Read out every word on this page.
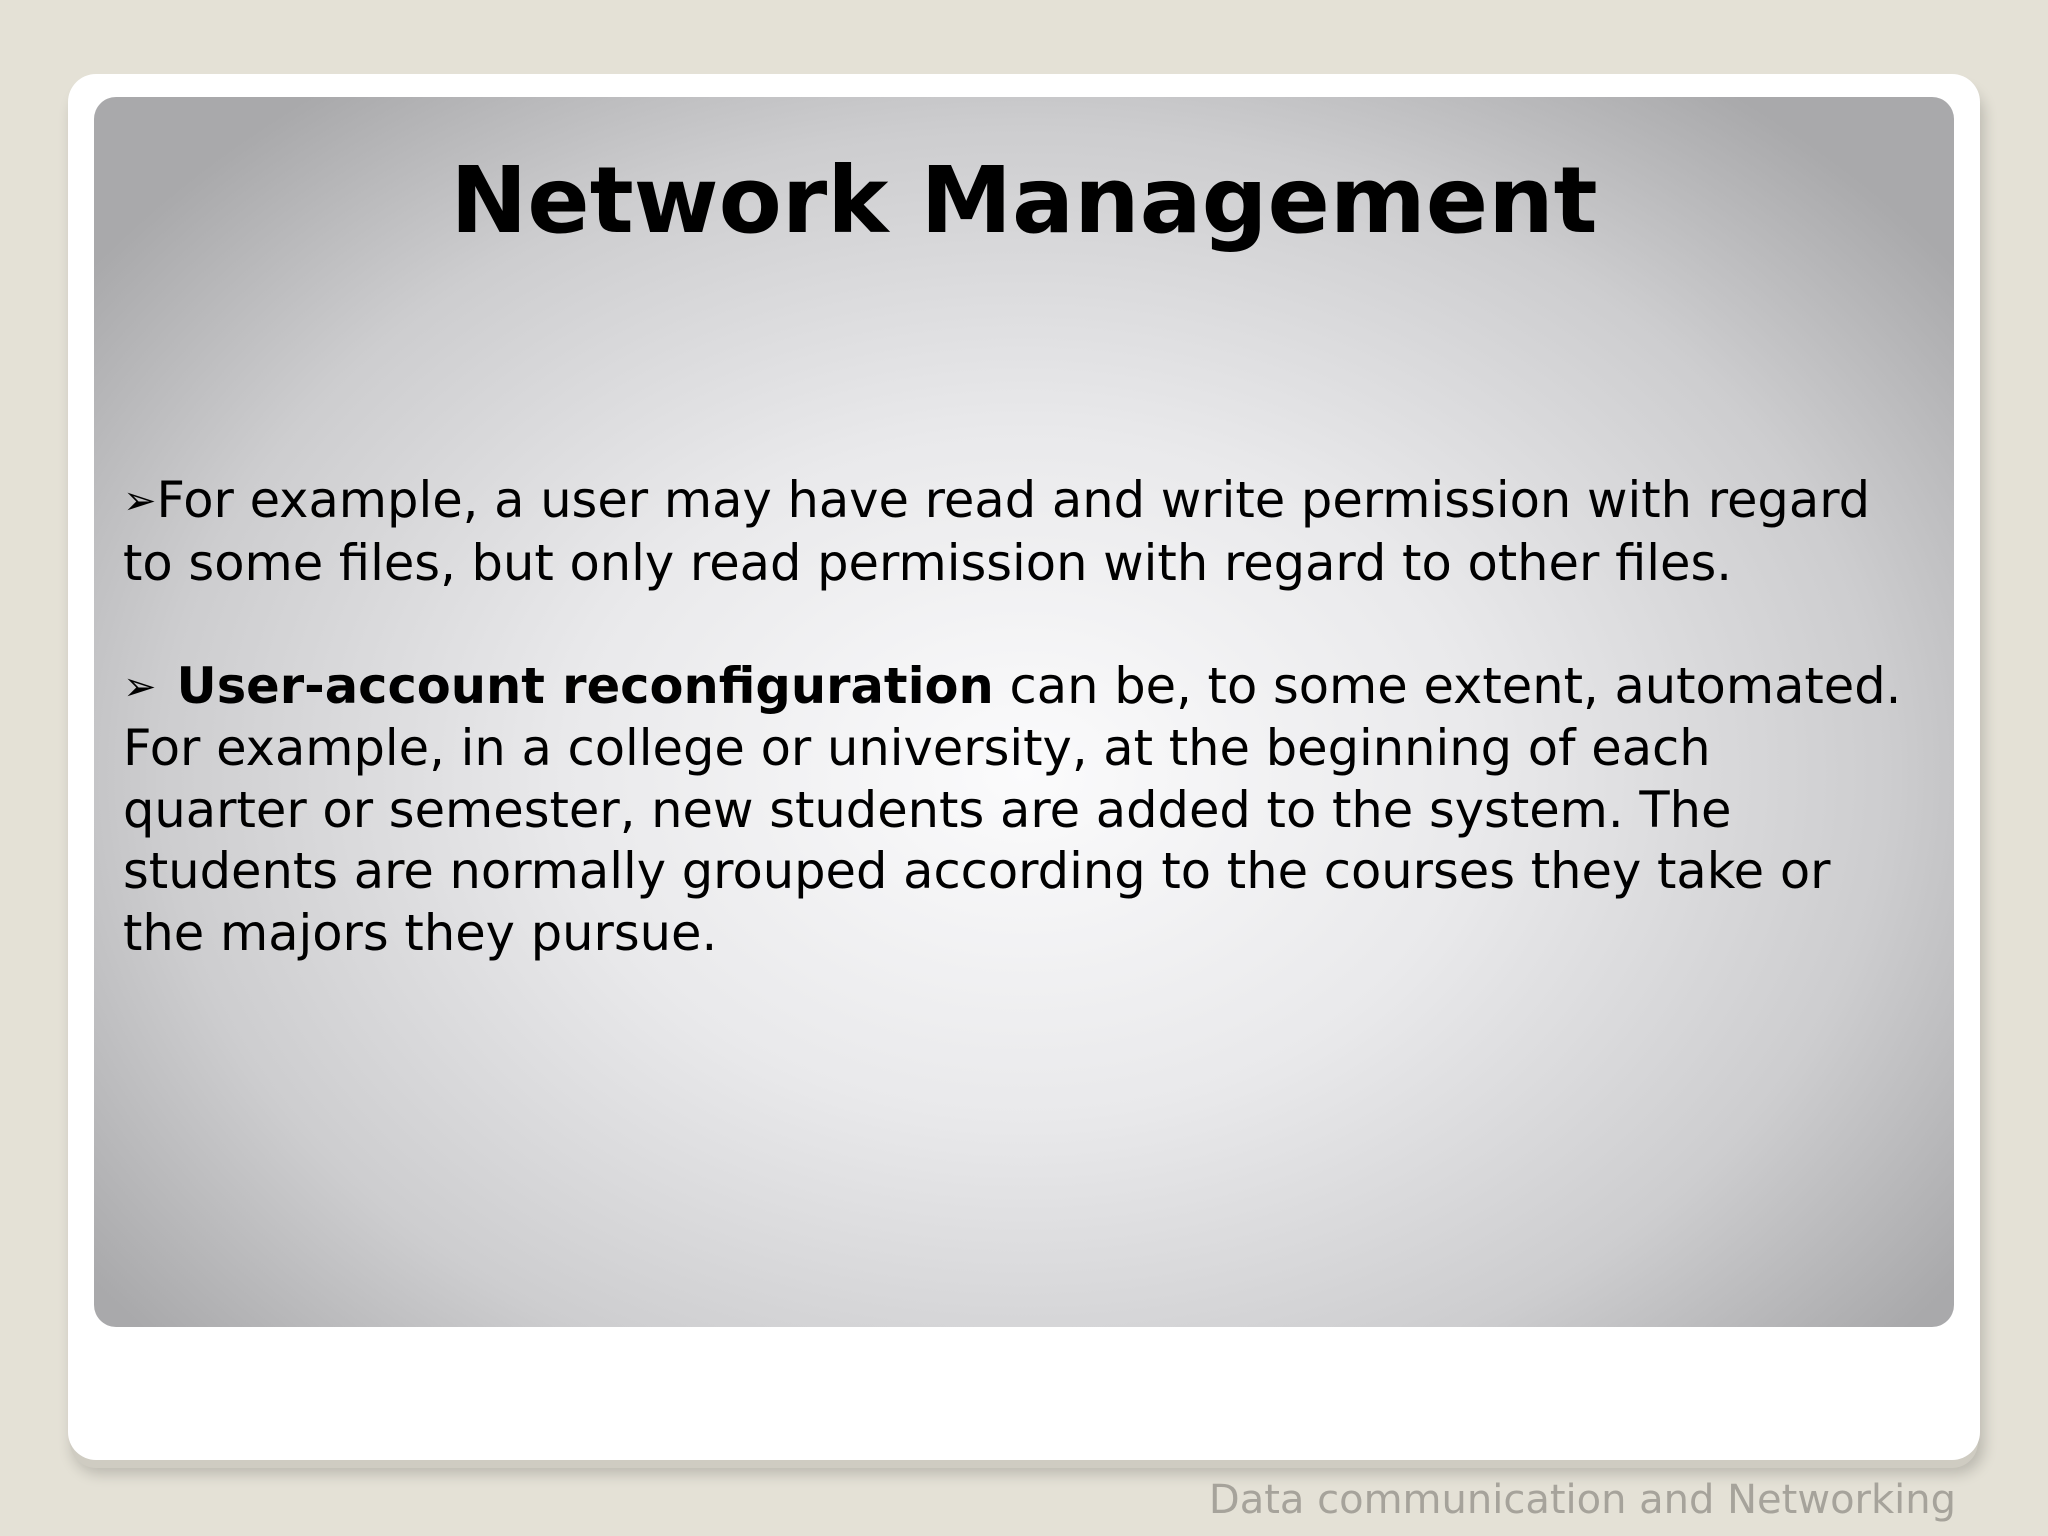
Network Management

➢For example, a user may have read and write permission with regard to some files, but only read permission with regard to other files.

➢ User-account reconfiguration can be, to some extent, automated. For example, in a college or university, at the beginning of each quarter or semester, new students are added to the system. The students are normally grouped according to the courses they take or the majors they pursue.

Data communication and Networking
